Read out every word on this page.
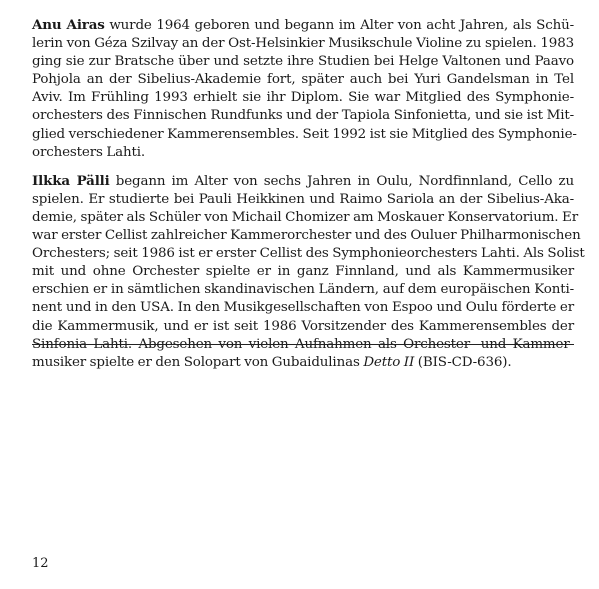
Anu Airas wurde 1964 geboren und begann im Alter von acht Jahren, als Schü-
lerin von Géza Szilvay an der Ost-Helsinkier Musikschule Violine zu spielen. 1983
ging sie zur Bratsche über und setzte ihre Studien bei Helge Valtonen und Paavo
Pohjola an der Sibelius-Akademie fort, später auch bei Yuri Gandelsman in Tel
Aviv. Im Frühling 1993 erhielt sie ihr Diplom. Sie war Mitglied des Symphonie-
orchesters des Finnischen Rundfunks und der Tapiola Sinfonietta, und sie ist Mit-
glied verschiedener Kammerensembles. Seit 1992 ist sie Mitglied des Symphonie-
orchesters Lahti.

Ilkka Pälli begann im Alter von sechs Jahren in Oulu, Nordfinnland, Cello zu
spielen. Er studierte bei Pauli Heikkinen und Raimo Sariola an der Sibelius-Aka-
demie, später als Schüler von Michail Chomizer am Moskauer Konservatorium. Er
war erster Cellist zahlreicher Kammerorchester und des Ouluer Philharmonischen
Orchesters; seit 1986 ist er erster Cellist des Symphonieorchesters Lahti. Als Solist
mit und ohne Orchester spielte er in ganz Finnland, und als Kammermusiker
erschien er in sämtlichen skandinavischen Ländern, auf dem europäischen Konti-
nent und in den USA. In den Musikgesellschaften von Espoo und Oulu förderte er
die Kammermusik, und er ist seit 1986 Vorsitzender des Kammerensembles der
Sinfonia Lahti. Abgesehen von vielen Aufnahmen als Orchester- und Kammer-
musiker spielte er den Solopart von Gubaidulinas Detto II (BIS-CD-636).

12
